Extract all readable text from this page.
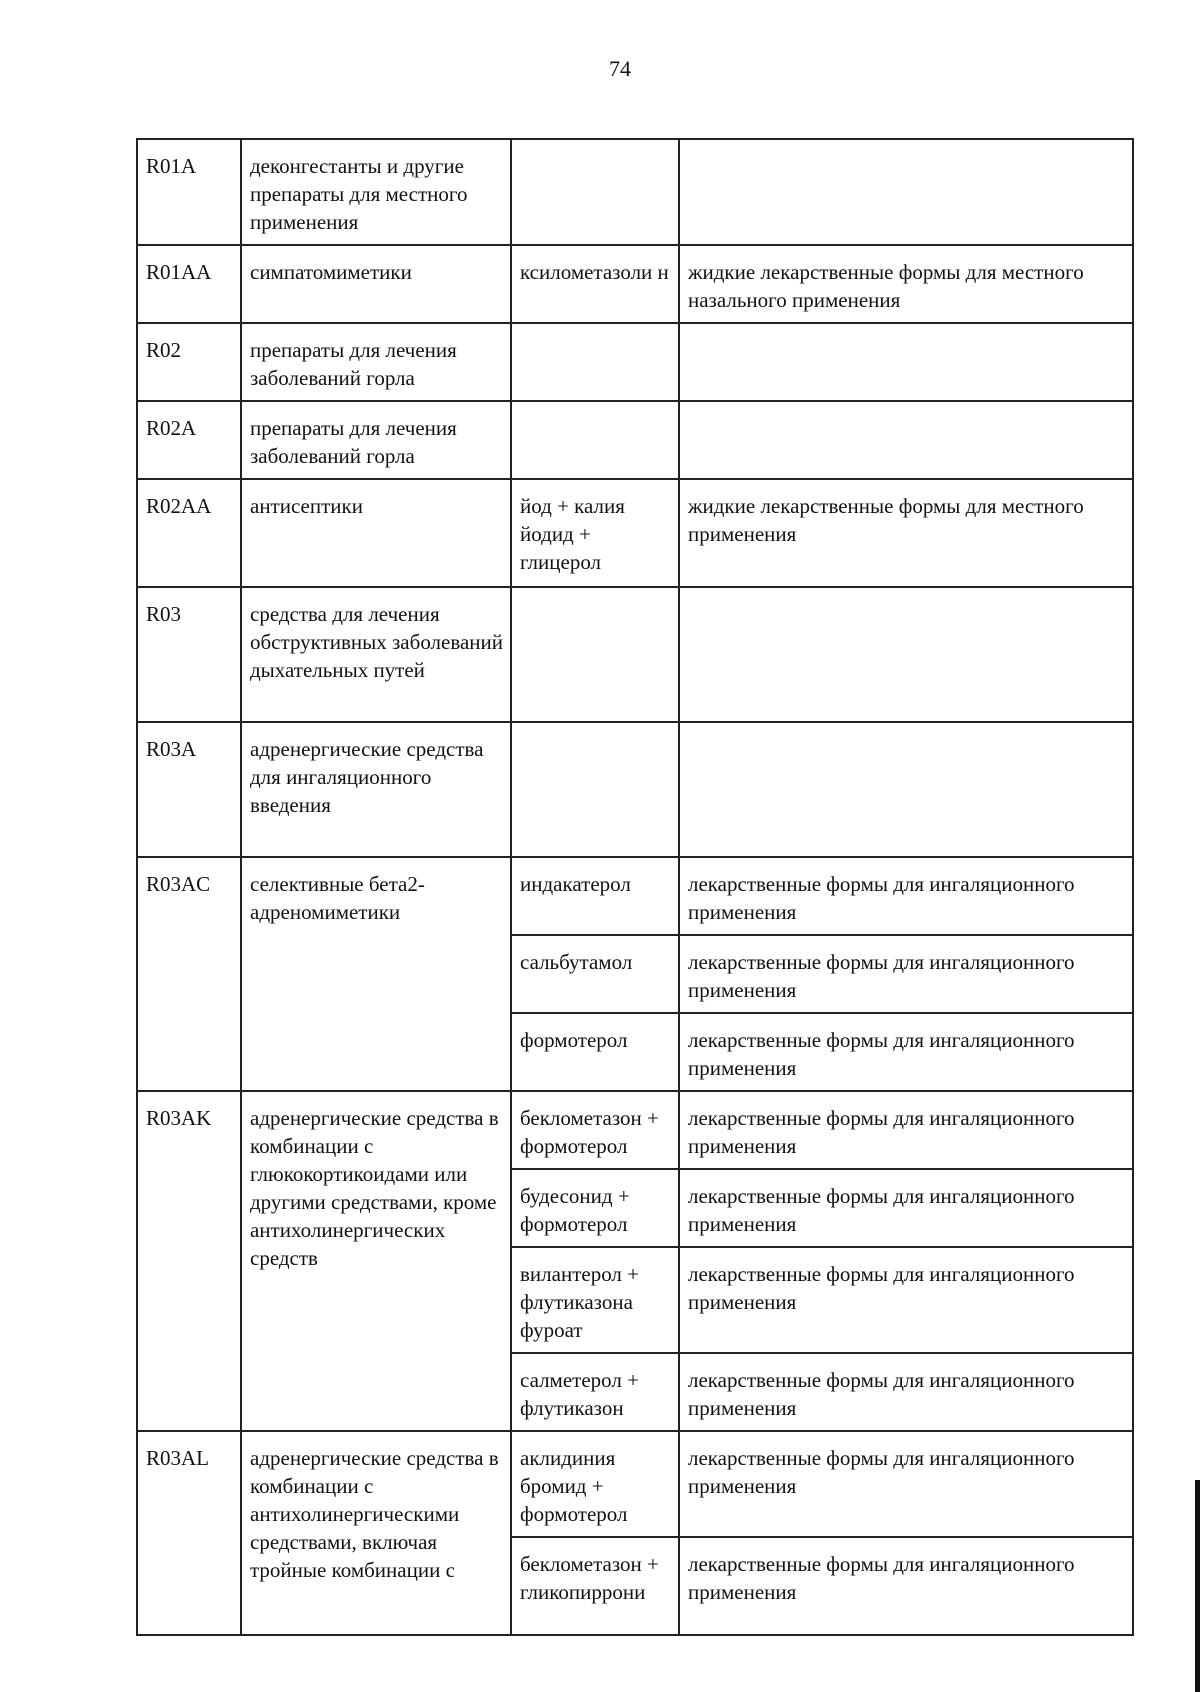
74
R01A	деконгестанты и другие препараты для местного применения		
R01AA	симпатомиметики	ксилометазоли н	жидкие лекарственные формы для местного назального применения
R02	препараты для лечения заболеваний горла		
R02A	препараты для лечения заболеваний горла		
R02AA	антисептики	йод + калия йодид + глицерол	жидкие лекарственные формы для местного применения
R03	средства для лечения обструктивных заболеваний дыхательных путей		
R03A	адренергические средства для ингаляционного введения		
R03AC	селективные бета2-адреномиметики	индакатерол	лекарственные формы для ингаляционного применения
		сальбутамол	лекарственные формы для ингаляционного применения
		формотерол	лекарственные формы для ингаляционного применения
R03AK	адренергические средства в комбинации с глюкокортикоидами или другими средствами, кроме антихолинергических средств	беклометазон + формотерол	лекарственные формы для ингаляционного применения
		будесонид + формотерол	лекарственные формы для ингаляционного применения
		вилантерол + флутиказона фуроат	лекарственные формы для ингаляционного применения
		салметерол + флутиказон	лекарственные формы для ингаляционного применения
R03AL	адренергические средства в комбинации с антихолинергическими средствами, включая тройные комбинации с	аклидиния бромид + формотерол	лекарственные формы для ингаляционного применения
		беклометазон + гликопиррони	лекарственные формы для ингаляционного применения
